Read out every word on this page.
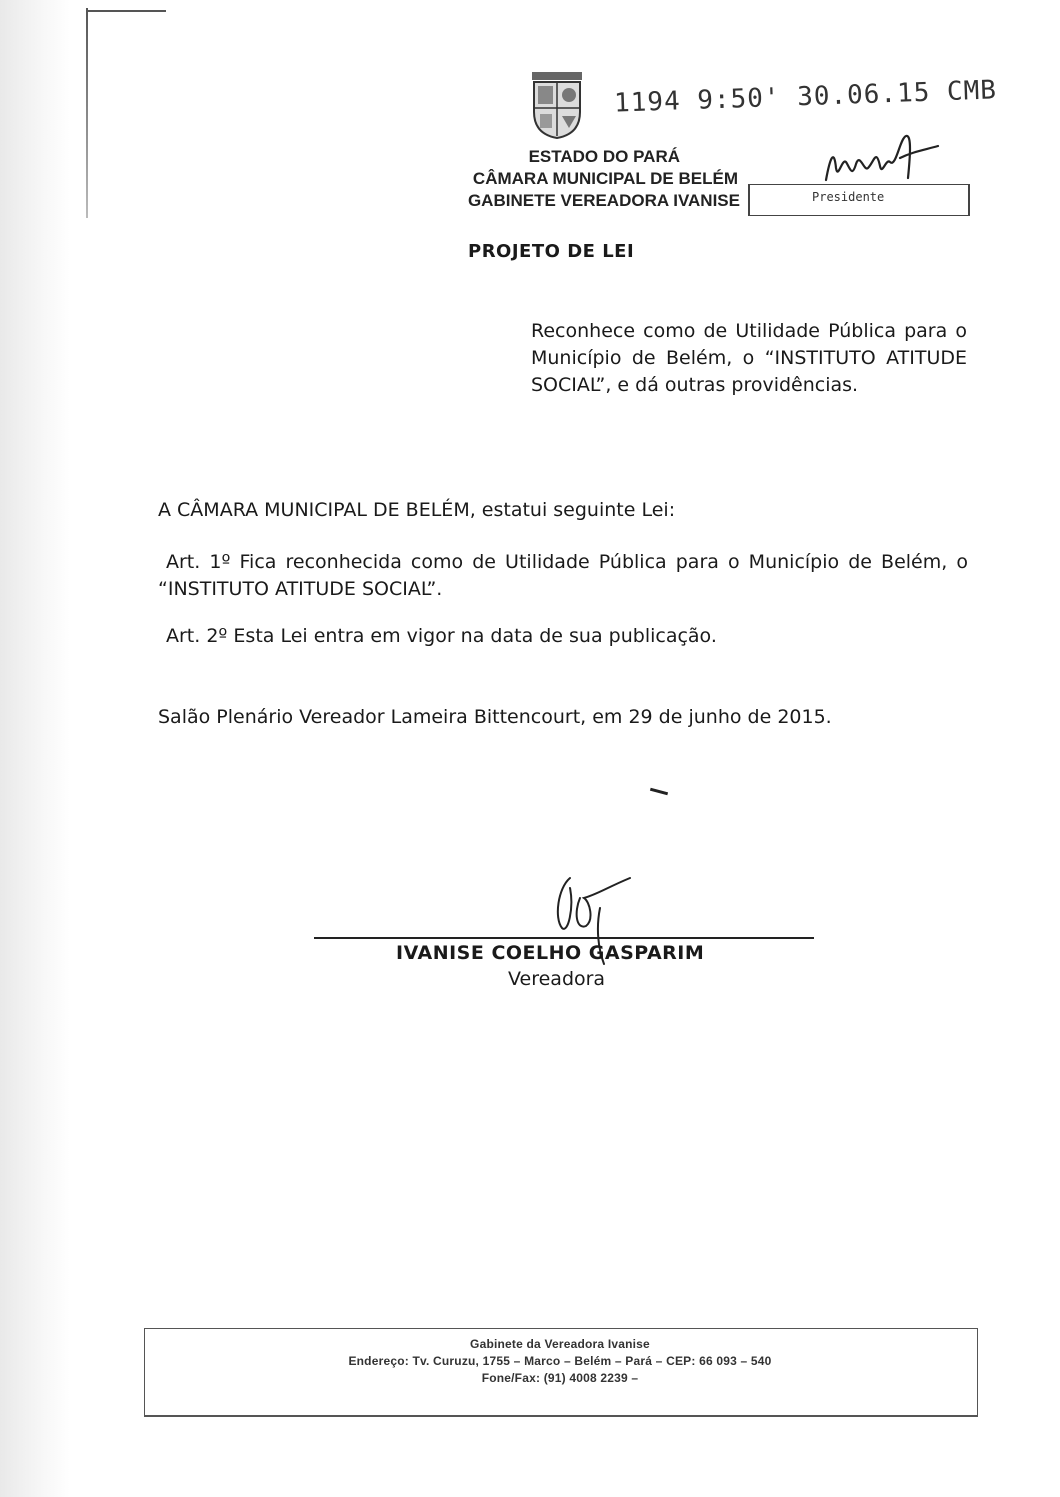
1194 9:50' 30.06.15 CMB
ESTADO DO PARÁ
CÂMARA MUNICIPAL DE BELÉM
GABINETE VEREADORA IVANISE	Presidente
PROJETO DE LEI
Reconhece como de Utilidade Pública para o Município de Belém, o “INSTITUTO ATITUDE SOCIAL”, e dá outras providências.
A CÂMARA MUNICIPAL DE BELÉM, estatui seguinte Lei:
Art. 1º Fica reconhecida como de Utilidade Pública para o Município de Belém, o “INSTITUTO ATITUDE SOCIAL”.
Art. 2º Esta Lei entra em vigor na data de sua publicação.
Salão Plenário Vereador Lameira Bittencourt, em 29 de junho de 2015.
IVANISE COELHO GASPARIM
Vereadora
Gabinete da Vereadora Ivanise
Endereço: Tv. Curuzu, 1755 – Marco – Belém – Pará – CEP: 66 093 – 540
Fone/Fax: (91) 4008 2239 –
